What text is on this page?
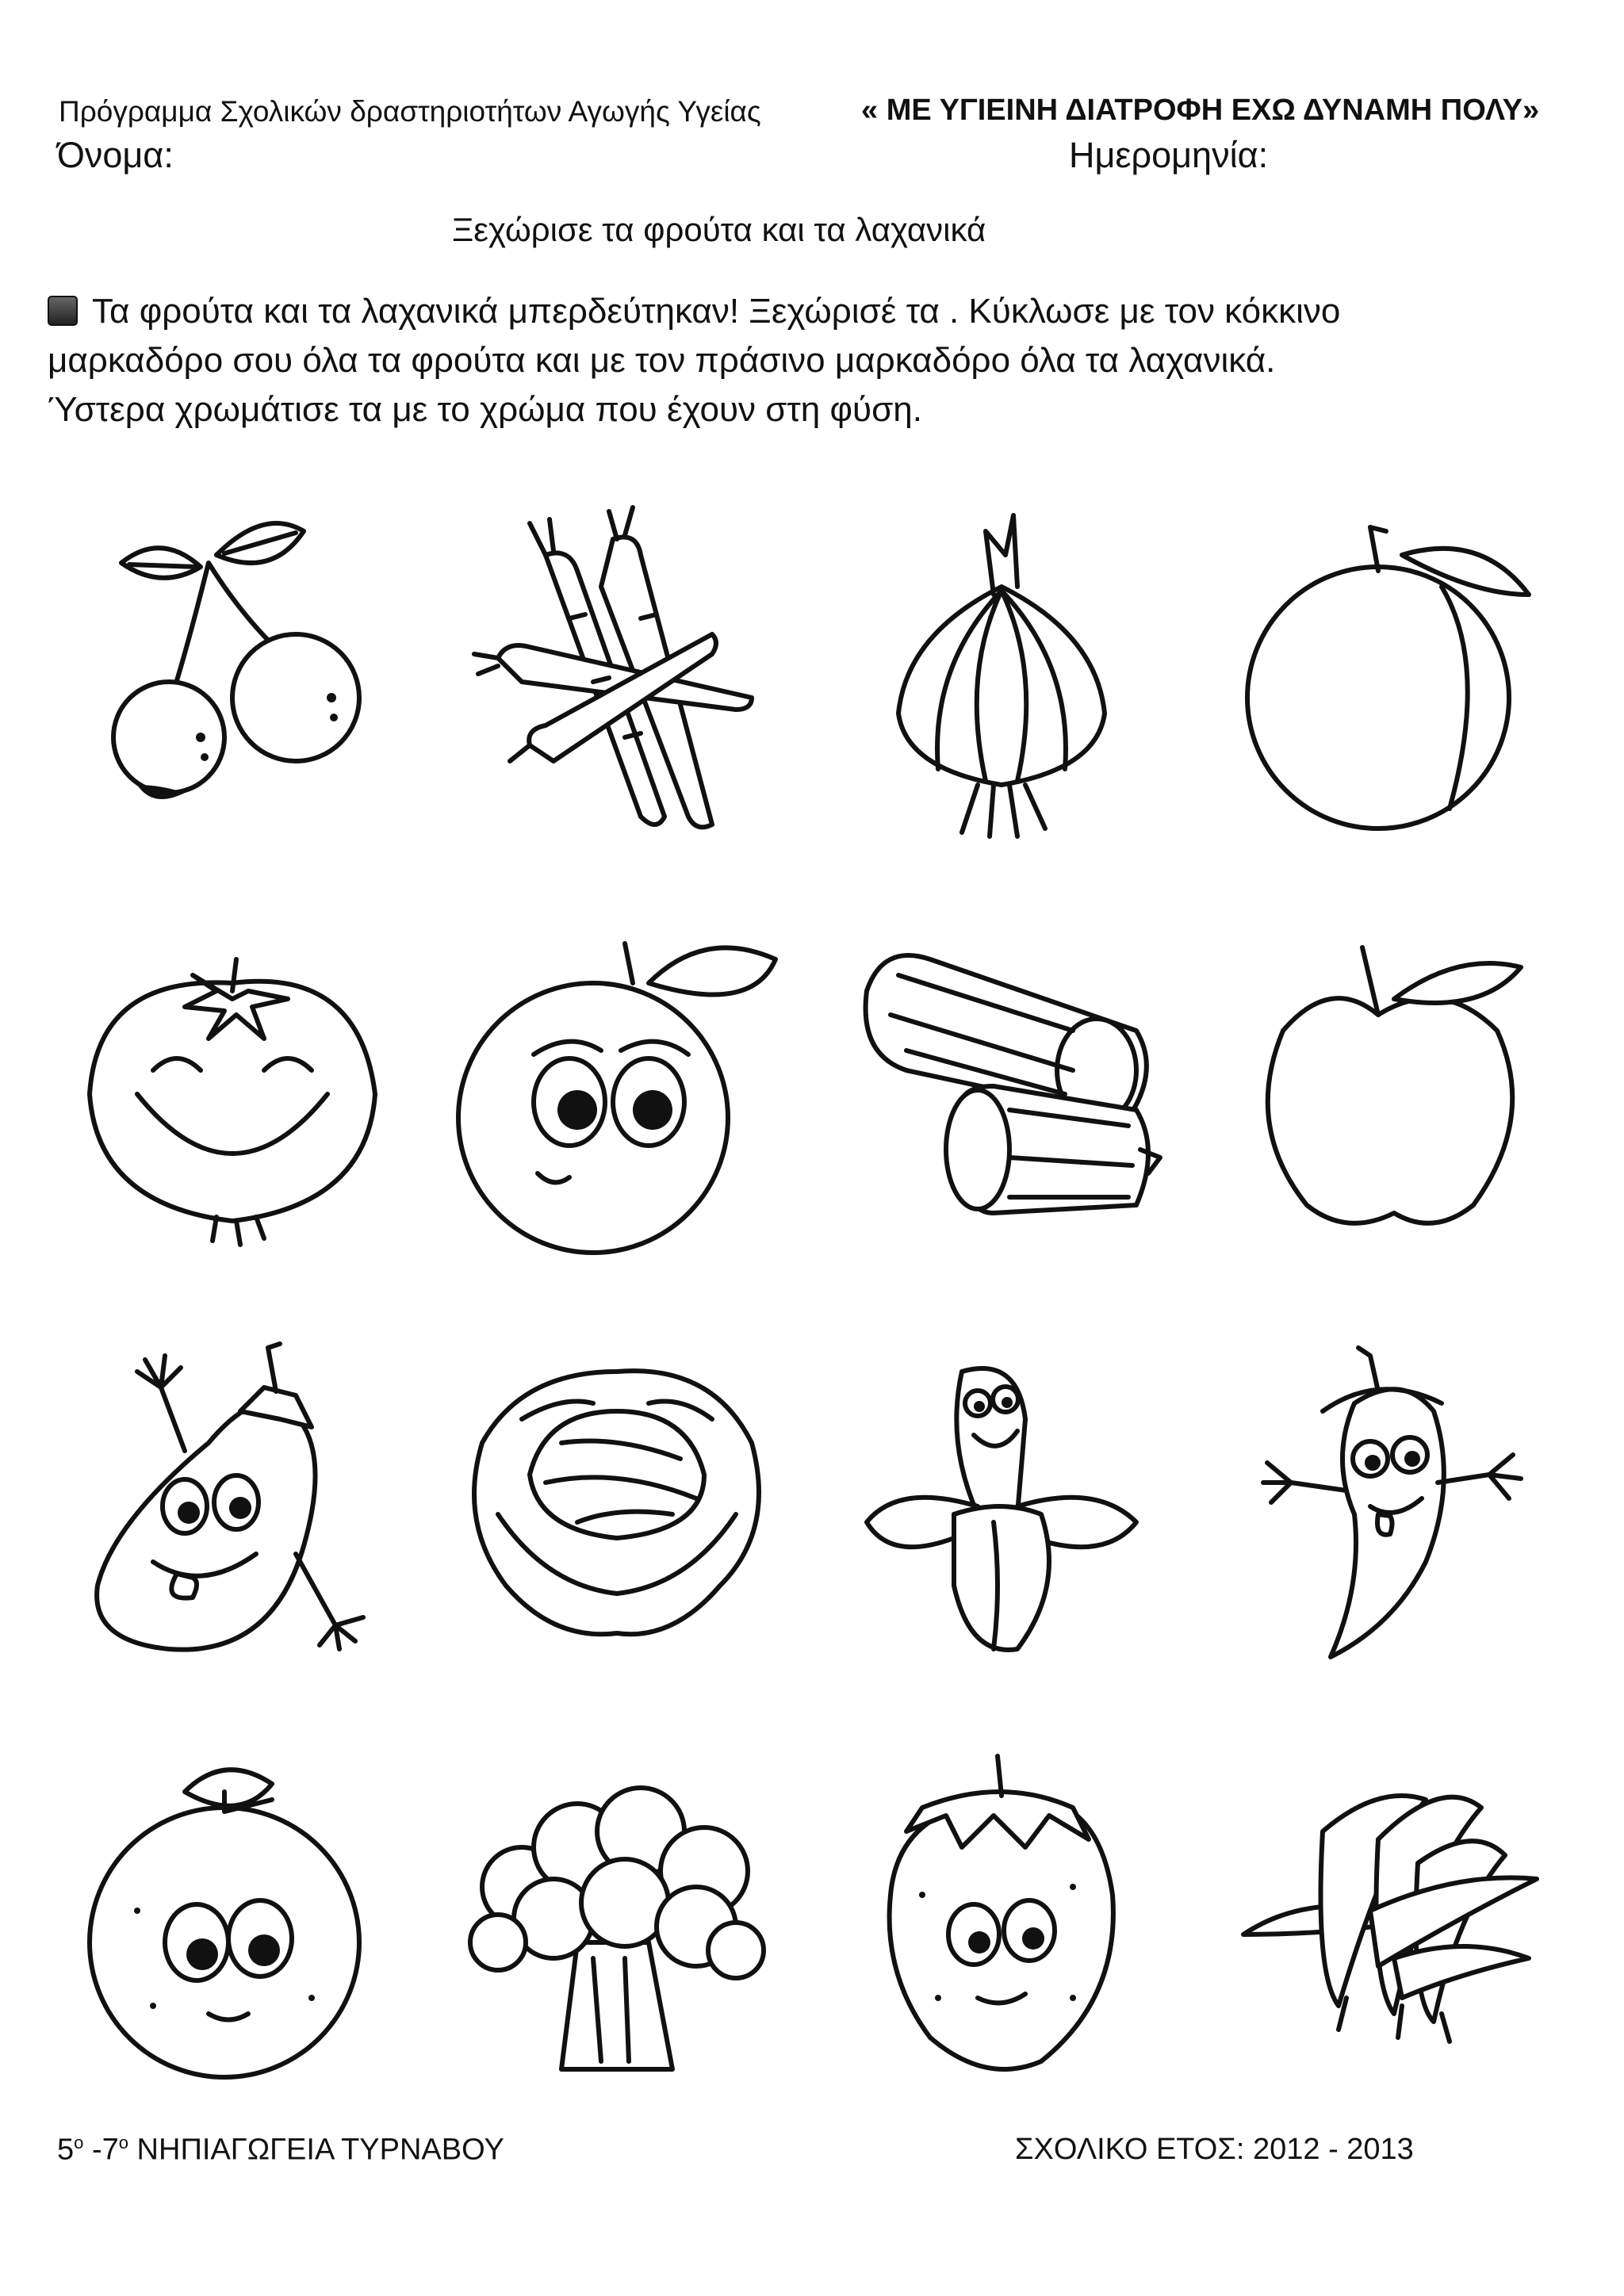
Πρόγραμμα Σχολικών δραστηριοτήτων Αγωγής Υγείας	« ΜΕ ΥΓΙΕΙΝΗ ΔΙΑΤΡΟΦΗ ΕΧΩ ΔΥΝΑΜΗ ΠΟΛΥ»
Όνομα:	Ημερομηνία:
Ξεχώρισε τα φρούτα και τα λαχανικά
Τα φρούτα και τα λαχανικά μπερδεύτηκαν! Ξεχώρισέ τα . Κύκλωσε με τον κόκκινο
μαρκαδόρο σου όλα τα φρούτα και με τον πράσινο μαρκαδόρο όλα τα λαχανικά.
Ύστερα χρωμάτισε τα με το χρώμα που έχουν στη φύση.
$5^o$ $-7^o$ ΝΗΠΙΑΓΩΓΕΙΑ ΤΥΡΝΑΒΟΥ	ΣΧΟΛΙΚΟ ΕΤΟΣ: 2012 - 2013
